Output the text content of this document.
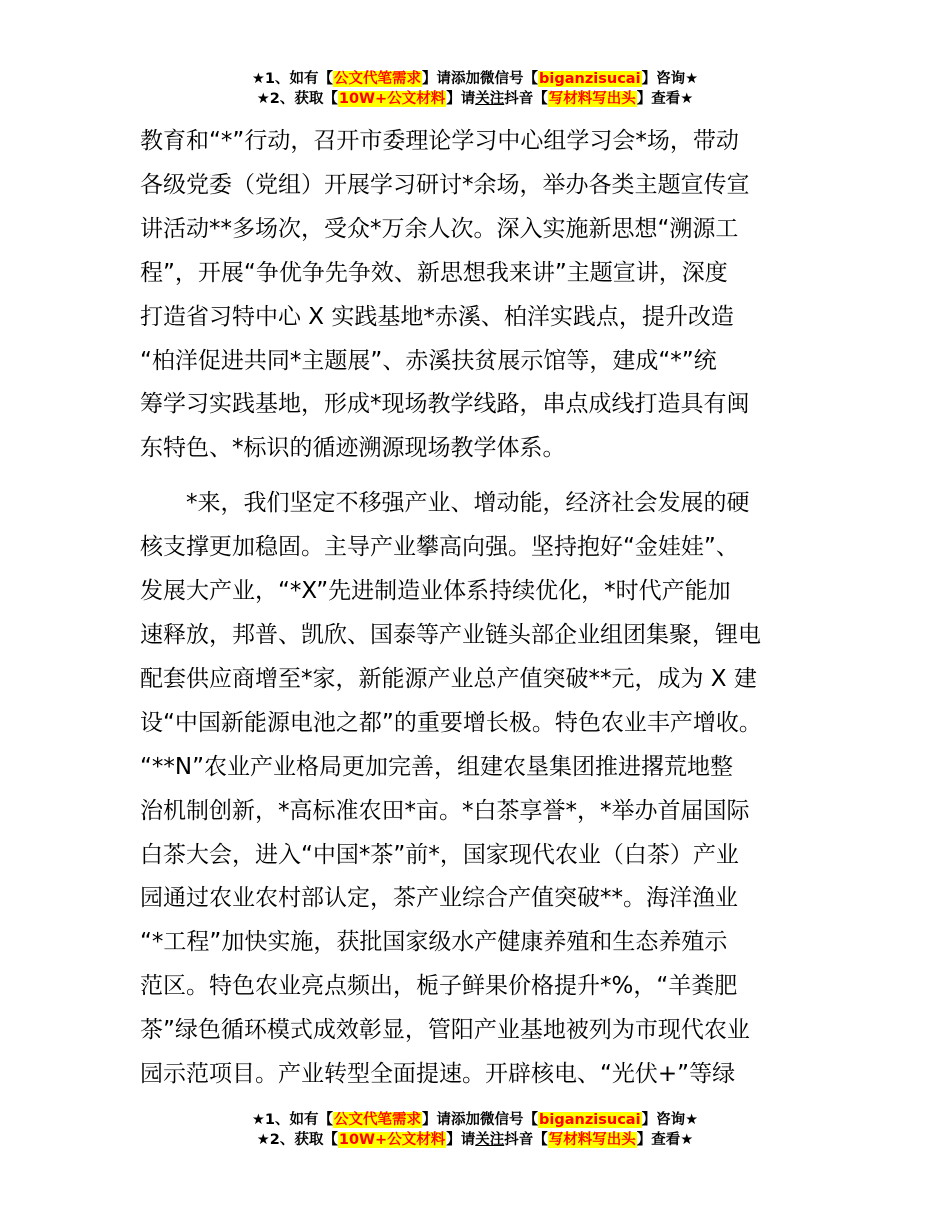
★1、如有【公文代笔需求】请添加微信号【biganzisucai】咨询★
★2、获取【10W+公文材料】请关注抖音【写材料写出头】查看★

教育和“*”行动，召开市委理论学习中心组学习会*场，带动
各级党委（党组）开展学习研讨*余场，举办各类主题宣传宣
讲活动**多场次，受众*万余人次。深入实施新思想“溯源工
程”，开展“争优争先争效、新思想我来讲”主题宣讲，深度
打造省习特中心 X 实践基地*赤溪、柏洋实践点，提升改造
“柏洋促进共同*主题展”、赤溪扶贫展示馆等，建成“*”统
筹学习实践基地，形成*现场教学线路，串点成线打造具有闽
东特色、*标识的循迹溯源现场教学体系。

　　*来，我们坚定不移强产业、增动能，经济社会发展的硬
核支撑更加稳固。主导产业攀高向强。坚持抱好“金娃娃”、
发展大产业，“*X”先进制造业体系持续优化，*时代产能加
速释放，邦普、凯欣、国泰等产业链头部企业组团集聚，锂电
配套供应商增至*家，新能源产业总产值突破**元，成为 X 建
设“中国新能源电池之都”的重要增长极。特色农业丰产增收。
“**N”农业产业格局更加完善，组建农垦集团推进撂荒地整
治机制创新，*高标准农田*亩。*白茶享誉*，*举办首届国际
白茶大会，进入“中国*茶”前*，国家现代农业（白茶）产业
园通过农业农村部认定，茶产业综合产值突破**。海洋渔业
“*工程”加快实施，获批国家级水产健康养殖和生态养殖示
范区。特色农业亮点频出，栀子鲜果价格提升*%，“羊粪肥
茶”绿色循环模式成效彰显，管阳产业基地被列为市现代农业
园示范项目。产业转型全面提速。开辟核电、“光伏+”等绿

★1、如有【公文代笔需求】请添加微信号【biganzisucai】咨询★
★2、获取【10W+公文材料】请关注抖音【写材料写出头】查看★
